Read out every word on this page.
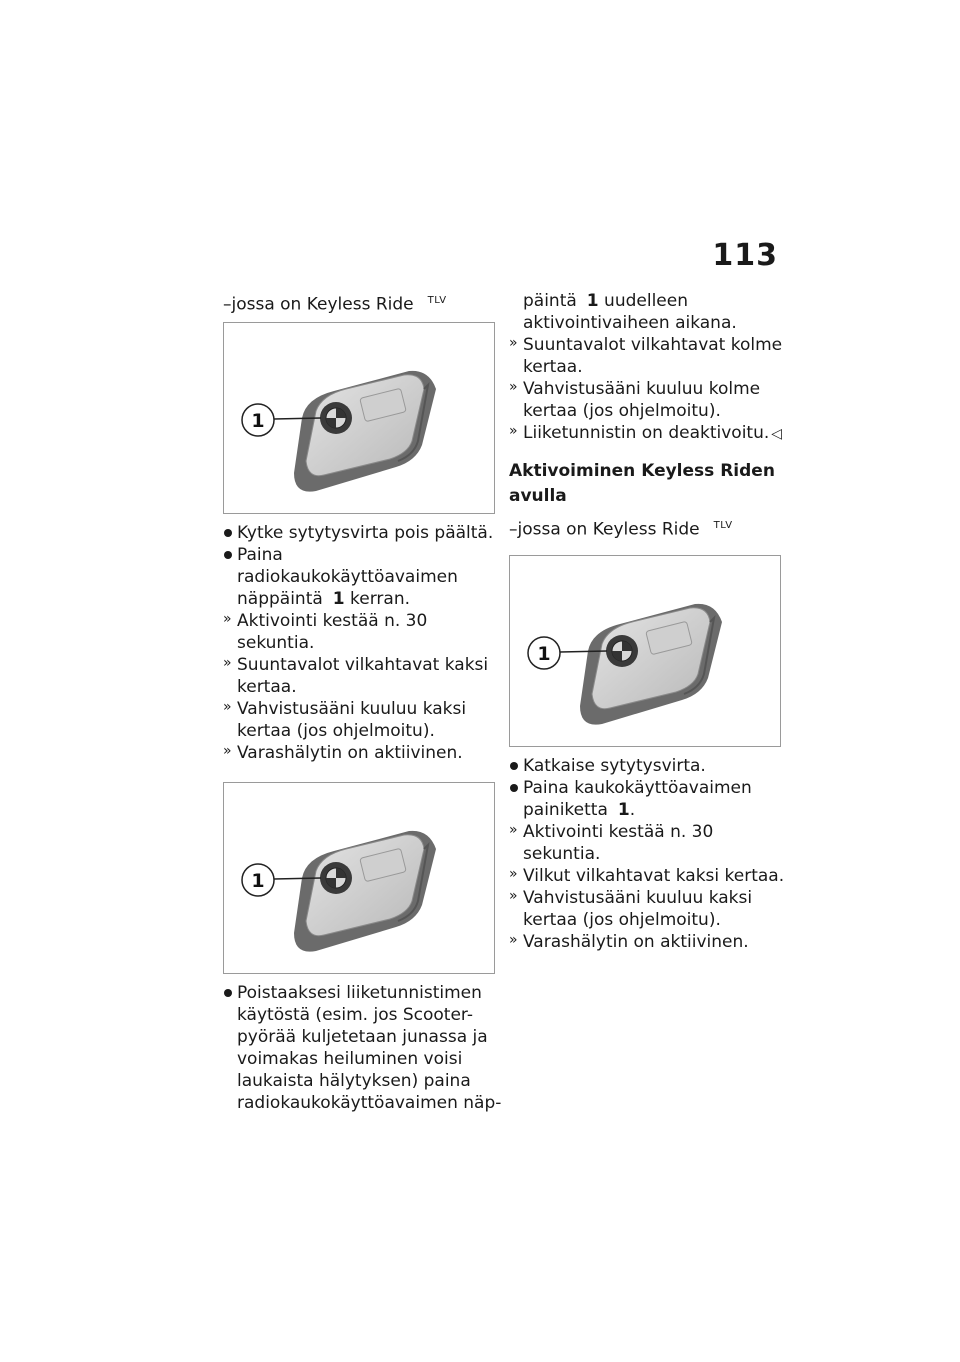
113
–jossa on Keyless Ride $^{TLV}$
1

Kytke sytytysvirta pois päältä.

Paina radiokaukokäyttöavaimen näppäintä 1 kerran.

» Aktivointi kestää n. 30 sekuntia.

» Suuntavalot vilkahtavat kaksi kertaa.

» Vahvistusääni kuuluu kaksi kertaa (jos ohjelmoitu).

» Varashälytin on aktiivinen.

1

Poistaaksesi liiketunnistimen käytöstä (esim. jos Scooter-pyörää kuljetetaan junassa ja voimakas heiluminen voisi laukaista hälytyksen) paina radiokaukokäyttöavaimen näp-

päintä 1 uudelleen aktivointivaiheen aikana.

» Suuntavalot vilkahtavat kolme kertaa.

» Vahvistusääni kuuluu kolme kertaa (jos ohjelmoitu).

» Liiketunnistin on deaktivoitu. ◁

Aktivoiminen Keyless Riden avulla
–jossa on Keyless Ride $^{TLV}$
1

Katkaise sytytysvirta.

Paina kaukokäyttöavaimen painiketta 1.

» Aktivointi kestää n. 30 sekuntia.

» Vilkut vilkahtavat kaksi kertaa.

» Vahvistusääni kuuluu kaksi kertaa (jos ohjelmoitu).

» Varashälytin on aktiivinen.
